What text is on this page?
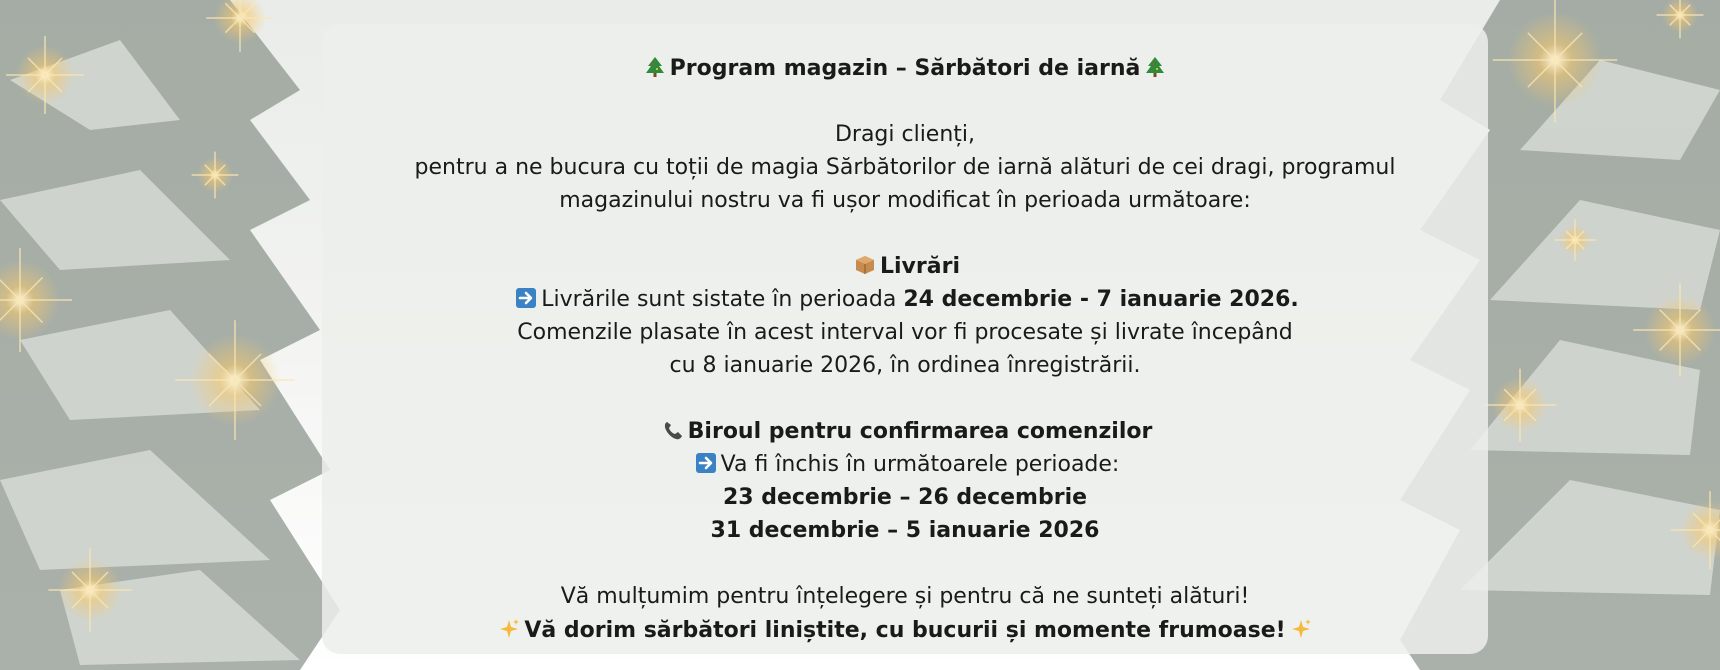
Program magazin – Sărbători de iarnă
Dragi clienți,
pentru a ne bucura cu toții de magia Sărbătorilor de iarnă alături de cei dragi, programul
magazinului nostru va fi ușor modificat în perioada următoare:
Livrări
Livrările sunt sistate în perioada 24 decembrie - 7 ianuarie 2026.
Comenzile plasate în acest interval vor fi procesate și livrate începând
cu 8 ianuarie 2026, în ordinea înregistrării.
Biroul pentru confirmarea comenzilor
Va fi închis în următoarele perioade:
23 decembrie – 26 decembrie
31 decembrie – 5 ianuarie 2026
Vă mulțumim pentru înțelegere și pentru că ne sunteți alături!
Vă dorim sărbători liniștite, cu bucurii și momente frumoase!
